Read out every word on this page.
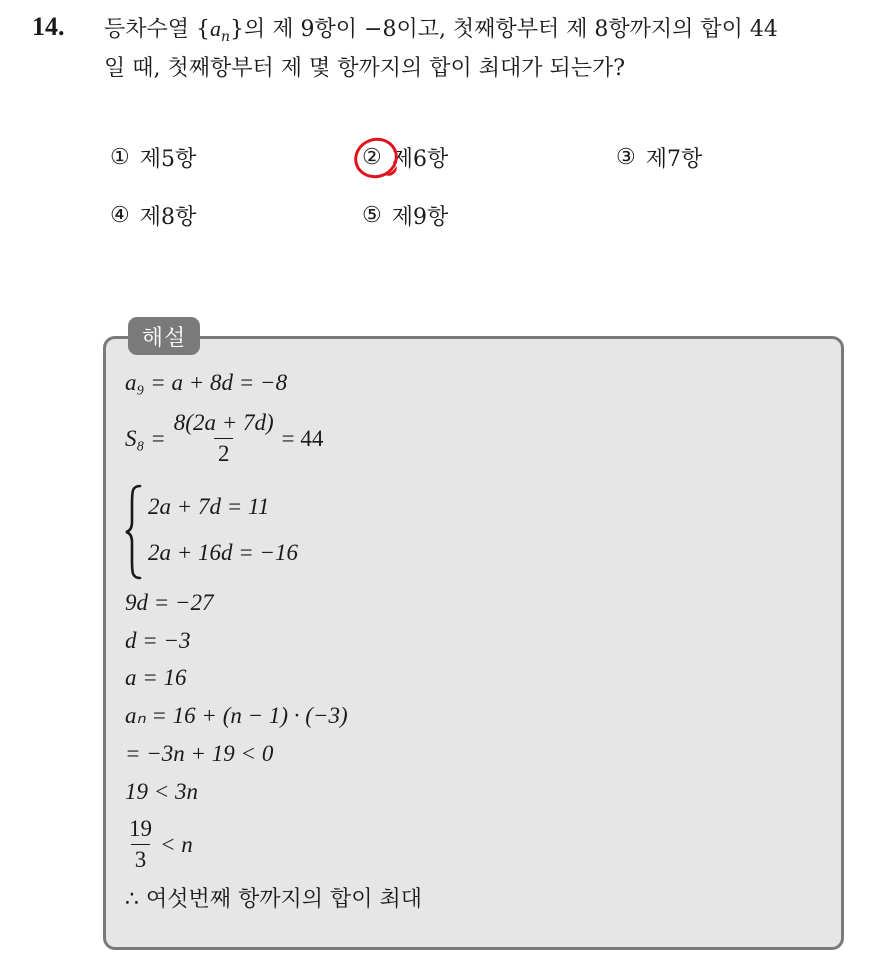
14. 등차수열 $\{a_n\}$의 제 9항이 −8이고, 첫째항부터 제 8항까지의 합이 44
일 때, 첫째항부터 제 몇 항까지의 합이 최대가 되는가?
① 제5항	② 제6항	③ 제7항
④ 제8항	⑤ 제9항
해설
a₉ = a + 8d = −8
$S_8 = \frac{8(2a + 7d)}{2} = 44$
2a + 7d = 11
2a + 16d = −16
9d = −27
d = −3
a = 16
aₙ = 16 + (n − 1) · (−3)
= −3n + 19 < 0
19 < 3n
$\frac{19}{3} < n$
∴ 여섯번째 항까지의 합이 최대
